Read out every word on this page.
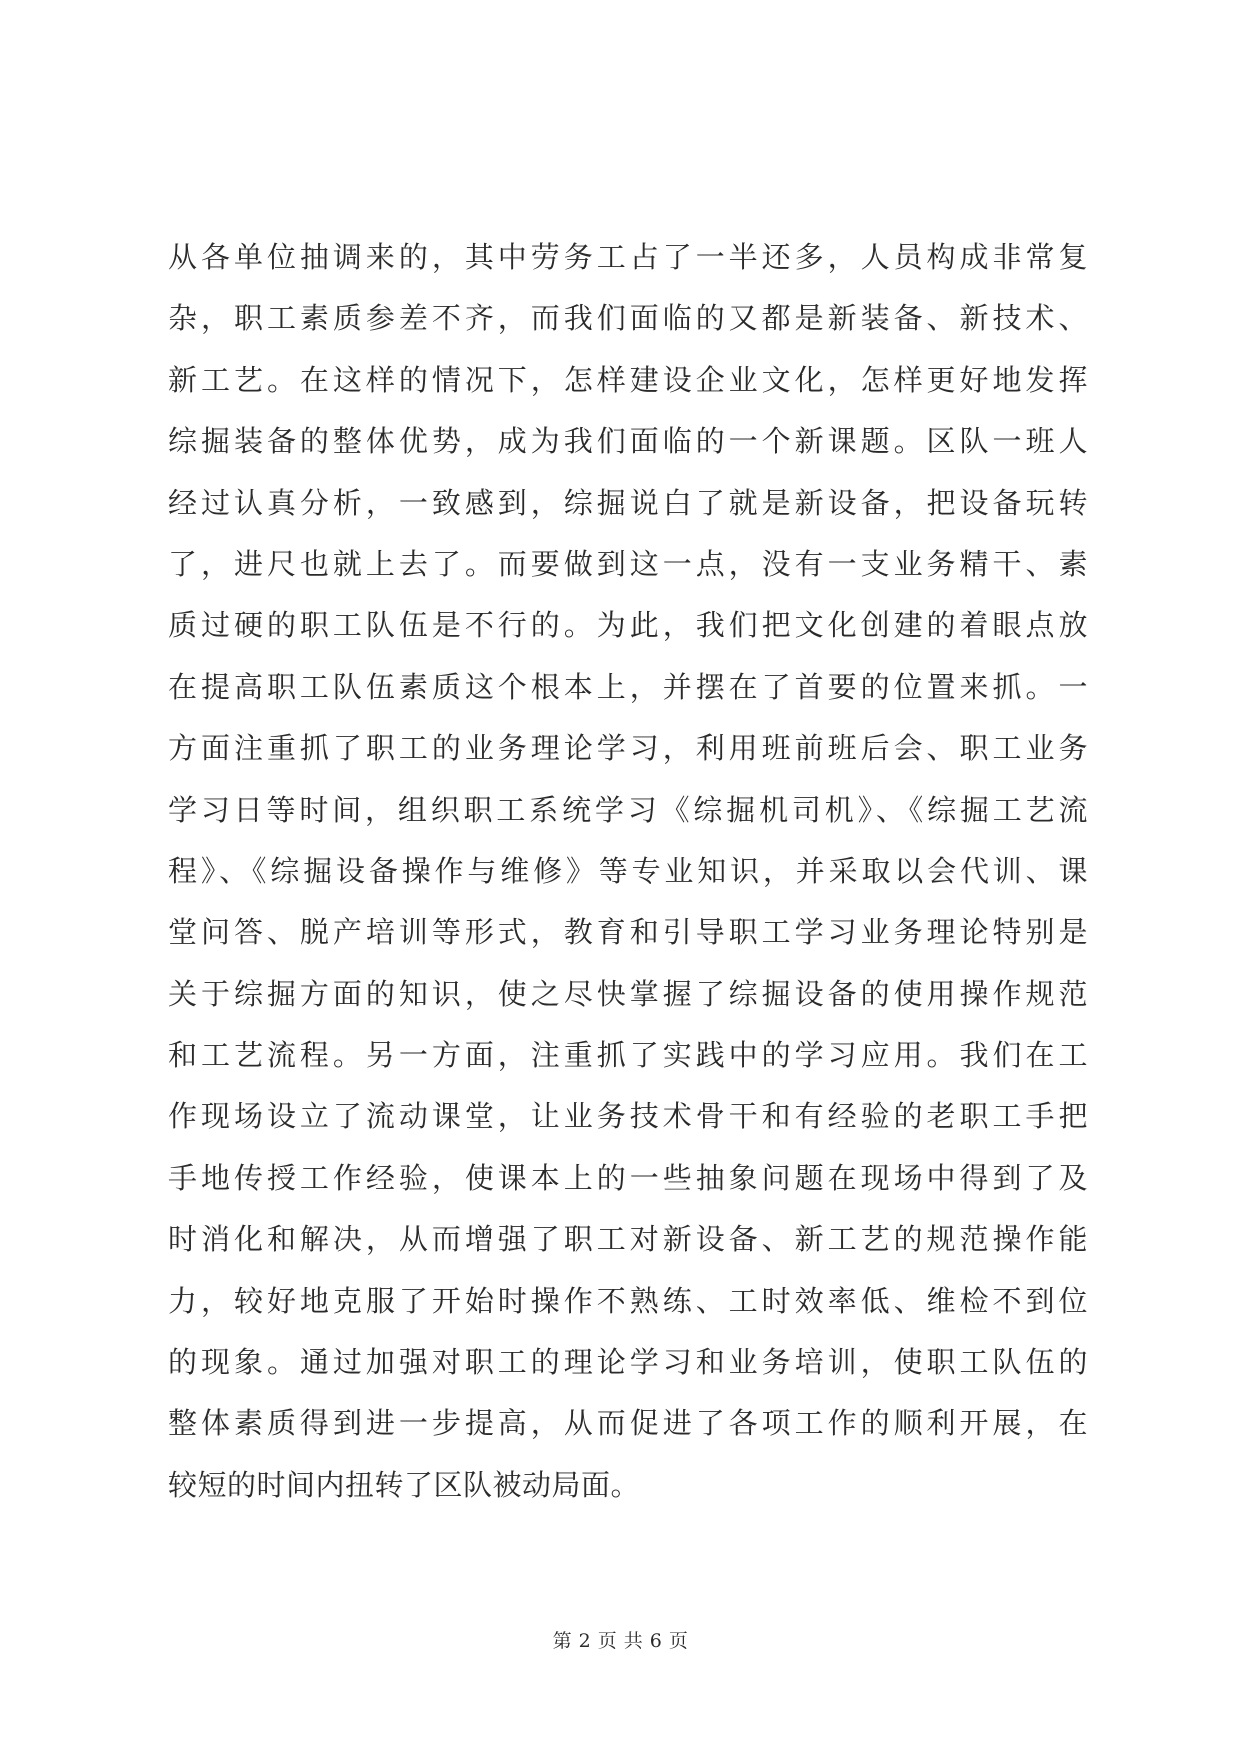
从各单位抽调来的，其中劳务工占了一半还多，人员构成非常复
杂，职工素质参差不齐，而我们面临的又都是新装备、新技术、
新工艺。在这样的情况下，怎样建设企业文化，怎样更好地发挥
综掘装备的整体优势，成为我们面临的一个新课题。区队一班人
经过认真分析，一致感到，综掘说白了就是新设备，把设备玩转
了，进尺也就上去了。而要做到这一点，没有一支业务精干、素
质过硬的职工队伍是不行的。为此，我们把文化创建的着眼点放
在提高职工队伍素质这个根本上，并摆在了首要的位置来抓。一
方面注重抓了职工的业务理论学习，利用班前班后会、职工业务
学习日等时间，组织职工系统学习《综掘机司机》、《综掘工艺流
程》、《综掘设备操作与维修》等专业知识，并采取以会代训、课
堂问答、脱产培训等形式，教育和引导职工学习业务理论特别是
关于综掘方面的知识，使之尽快掌握了综掘设备的使用操作规范
和工艺流程。另一方面，注重抓了实践中的学习应用。我们在工
作现场设立了流动课堂，让业务技术骨干和有经验的老职工手把
手地传授工作经验，使课本上的一些抽象问题在现场中得到了及
时消化和解决，从而增强了职工对新设备、新工艺的规范操作能
力，较好地克服了开始时操作不熟练、工时效率低、维检不到位
的现象。通过加强对职工的理论学习和业务培训，使职工队伍的
整体素质得到进一步提高，从而促进了各项工作的顺利开展，在
较短的时间内扭转了区队被动局面。
第 2 页 共 6 页
